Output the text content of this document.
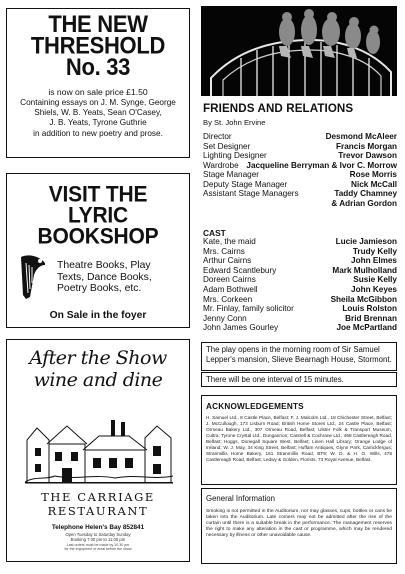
THE NEW
THRESHOLD
No. 33
is now on sale price £1.50
Containing essays on J. M. Synge, George
Shiels, W. B. Yeats, Sean O'Casey,
J. B. Yeats, Tyrone Guthrie
in addition to new poetry and prose.
VISIT THE
LYRIC
BOOKSHOP
Theatre Books, Play
Texts, Dance Books,
Poetry Books, etc.
On Sale in the foyer
After the Show
wine and dine
THE CARRIAGE
RESTAURANT
Telephone Helen's Bay 852841
Open Tuesday to Saturday Sunday
Booking 7.00 pm to 11.00 pm
Last orders must be made by 10.30 pm
for the enjoyment of meal before the show
FRIENDS AND RELATIONS
By St. John Ervine
Director	Desmond McAleer
Set Designer	Francis Morgan
Lighting Designer	Trevor Dawson
Wardrobe Jacqueline Berryman & Ivor C. Morrow
Stage Manager	Rose Morris
Deputy Stage Manager	Nick McCall
Assistant Stage Managers	Taddy Chamney
& Adrian Gordon
CAST
Kate, the maid	Lucie Jamieson
Mrs. Cairns	Trudy Kelly
Arthur Cairns	John Elmes
Edward Scantlebury	Mark Mulholland
Doreen Cairns	Susie Kelly
Adam Bothwell	John Keyes
Mrs. Corkeen	Sheila McGibbon
Mr. Finlay, family solicitor	Louis Rolston
Jenny Conn	Brid Brennan
John James Gourley	Joe McPartland
The play opens in the morning room of Sir Samuel Lepper's mansion, Slieve Bearnagh House, Stormont.
There will be one interval of 15 minutes.
ACKNOWLEDGEMENTS
H. Samuel Ltd., 8 Castle Place, Belfast; F. J. Malcolm Ltd., 18 Chichester Street, Belfast; J. McCullough, 173 Lisburn Road; British Home Stores Ltd., 24 Castle Place, Belfast; Ormeau Bakery Ltd., 307 Ormeau Road, Belfast; Ulster Folk & Transport Museum, Cultra; Tyrone Crystal Ltd., Dungannon; Cantrell & Cochrane Ltd., 468 Castlereagh Road, Belfast; Hoggs, Donegall Square West, Belfast; Linen Hall Library; Orange Lodge of Ireland; W. J. May, 34 King Street, Belfast; Huffam Antiques, Glynn Park, Carrickfergus; Stranmillis Home Bakery, 161 Stranmillis Road, BT9; W. D. & H. O. Wills, 478 Castlereagh Road, Belfast; Ledwy & Golden, Florists, 73 Royal Avenue, Belfast.
General Information
Smoking is not permitted in the Auditorium, nor may glasses, cups, bottles or cans be taken into the Auditorium. Late comers may not be admitted after the rise of the curtain until there is a suitable break in the performance. The management reserves the right to make any alteration in the cast or programme, which may be rendered necessary by illness or other unavoidable cause.
